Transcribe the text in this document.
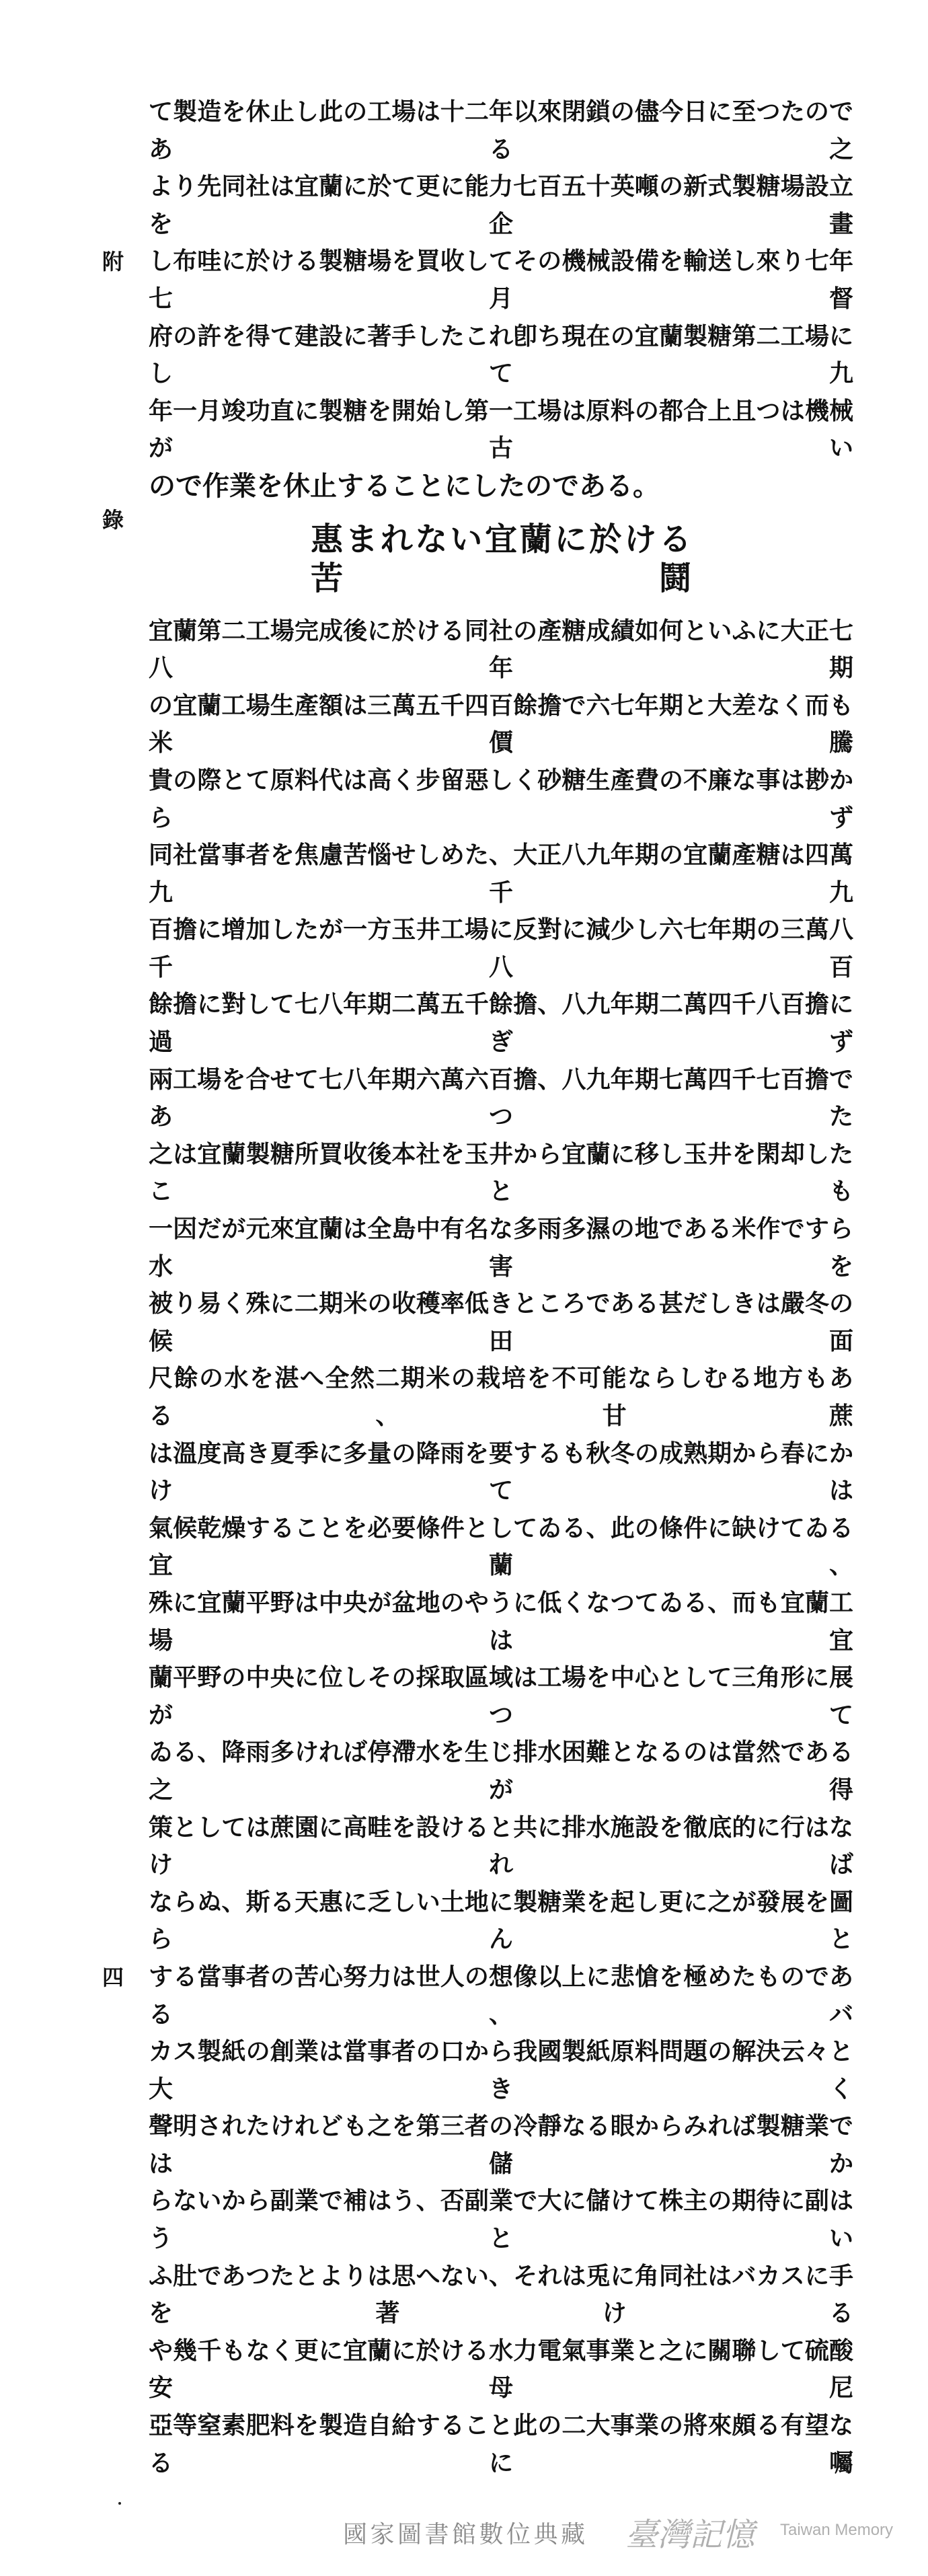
附
錄
四
て製造を休止し此の工場は十二年以來閉鎖の儘今日に至つたのである之
より先同社は宜蘭に於て更に能力七百五十英噸の新式製糖場設立を企畫
し布哇に於ける製糖場を買收してその機械設備を輸送し來り七年七月督
府の許を得て建設に著手したこれ卽ち現在の宜蘭製糖第二工場にして九
年一月竣功直に製糖を開始し第一工場は原料の都合上且つは機械が古い
ので作業を休止することにしたのである。
惠まれない宜蘭に於ける苦鬪
宜蘭第二工場完成後に於ける同社の產糖成績如何といふに大正七八年期
の宜蘭工場生產額は三萬五千四百餘擔で六七年期と大差なく而も米價騰
貴の際とて原料代は高く步留惡しく砂糖生產費の不廉な事は尠からず
同社當事者を焦慮苦惱せしめた、大正八九年期の宜蘭產糖は四萬九千九
百擔に增加したが一方玉井工場に反對に減少し六七年期の三萬八千八百
餘擔に對して七八年期二萬五千餘擔、八九年期二萬四千八百擔に過ぎず
兩工場を合せて七八年期六萬六百擔、八九年期七萬四千七百擔であつた
之は宜蘭製糖所買收後本社を玉井から宜蘭に移し玉井を閑却したことも
一因だが元來宜蘭は全島中有名な多雨多濕の地である米作ですら水害を
被り易く殊に二期米の收穫率低きところである甚だしきは嚴冬の候田面
尺餘の水を湛へ全然二期米の栽培を不可能ならしむる地方もある、甘蔗
は溫度高き夏季に多量の降雨を要するも秋冬の成熟期から春にかけては
氣候乾燥することを必要條件としてゐる、此の條件に缺けてゐる宜蘭、
殊に宜蘭平野は中央が盆地のやうに低くなつてゐる、而も宜蘭工場は宜
蘭平野の中央に位しその採取區域は工場を中心として三角形に展がつて
ゐる、降雨多ければ停滯水を生じ排水困難となるのは當然である之が得
策としては蔗園に高畦を設けると共に排水施設を徹底的に行はなければ
ならぬ、斯る天惠に乏しい土地に製糖業を起し更に之が發展を圖らんと
する當事者の苦心努力は世人の想像以上に悲愴を極めたものである、バ
カス製紙の創業は當事者の口から我國製紙原料問題の解決云々と大きく
聲明されたけれども之を第三者の冷靜なる眼からみれば製糖業では儲か
らないから副業で補はう、否副業で大に儲けて株主の期待に副はうとい
ふ肚であつたとよりは思へない、それは兎に角同社はバカスに手を著ける
や幾千もなく更に宜蘭に於ける水力電氣事業と之に關聯して硫酸安母尼
亞等窒素肥料を製造自給すること此の二大事業の將來頗る有望なるに囑
國家圖書館數位典藏 臺灣記憶 Taiwan Memory
